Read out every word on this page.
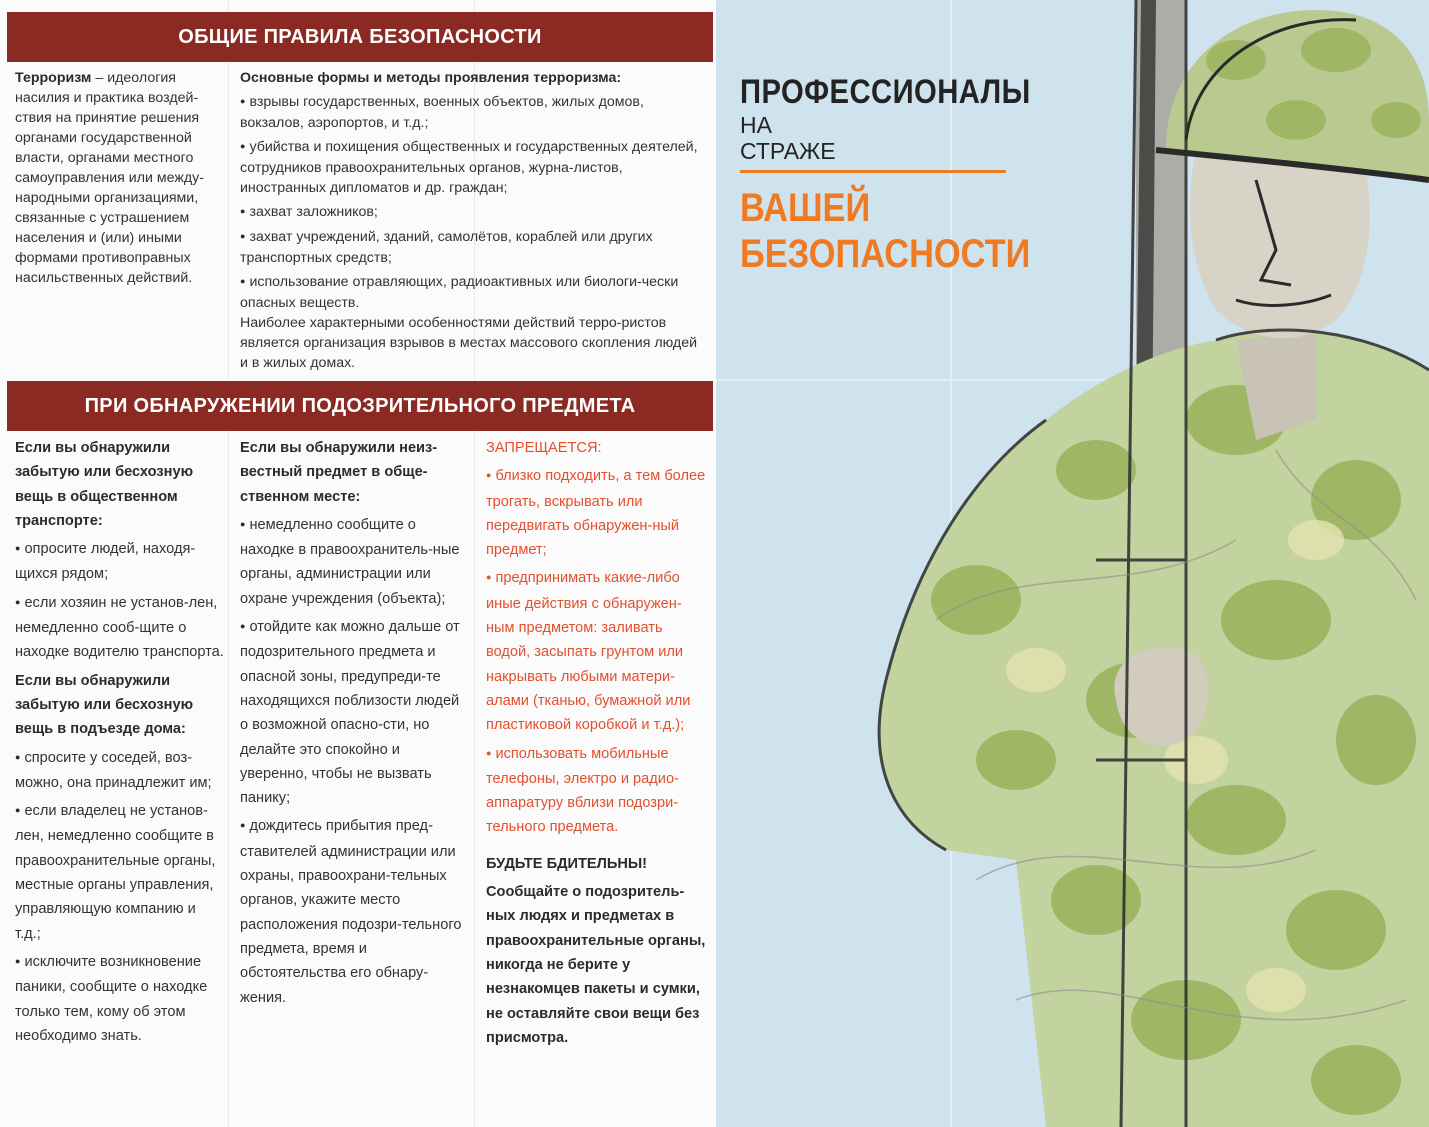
ОБЩИЕ ПРАВИЛА БЕЗОПАСНОСТИ

Терроризм – идеология насилия и практика воздей-ствия на принятие решения органами государственной власти, органами местного самоуправления или между-народными организациями, связанные с устрашением населения и (или) иными формами противоправных насильственных действий.

Основные формы и методы проявления терроризма:

● взрывы государственных, военных объектов, жилых домов, вокзалов, аэропортов, и т.д.;

● убийства и похищения общественных и государственных деятелей, сотрудников правоохранительных органов, журна-листов, иностранных дипломатов и др. граждан;

● захват заложников;

● захват учреждений, зданий, самолётов, кораблей или других транспортных средств;

● использование отравляющих, радиоактивных или биологи-чески опасных веществ.

Наиболее характерными особенностями действий терро-ристов является организация взрывов в местах массового скопления людей и в жилых домах.

ПРИ ОБНАРУЖЕНИИ ПОДОЗРИТЕЛЬНОГО ПРЕДМЕТА

Если вы обнаружили забытую или бесхозную вещь в общественном транспорте:

● опросите людей, находя-щихся рядом;

● если хозяин не установ-лен, немедленно сооб-щите о находке водителю транспорта.

Если вы обнаружили забытую или бесхозную вещь в подъезде дома:

● спросите у соседей, воз-можно, она принадлежит им;

● если владелец не установ-лен, немедленно сообщите в правоохранительные органы, местные органы управления, управляющую компанию и т.д.;

● исключите возникновение паники, сообщите о находке только тем, кому об этом необходимо знать.

Если вы обнаружили неиз-вестный предмет в обще-ственном месте:

● немедленно сообщите о находке в правоохранитель-ные органы, администрации или охране учреждения (объекта);

● отойдите как можно дальше от подозрительного предмета и опасной зоны, предупреди-те находящихся поблизости людей о возможной опасно-сти, но делайте это спокойно и уверенно, чтобы не вызвать панику;

● дождитесь прибытия пред-ставителей администрации или охраны, правоохрани-тельных органов, укажите место расположения подозри-тельного предмета, время и обстоятельства его обнару-жения.

ЗАПРЕЩАЕТСЯ:

● близко подходить, а тем более трогать, вскрывать или передвигать обнаружен-ный предмет;

● предпринимать какие-либо иные действия с обнаружен-ным предметом: заливать водой, засыпать грунтом или накрывать любыми матери-алами (тканью, бумажной или пластиковой коробкой и т.д.);

● использовать мобильные телефоны, электро и радио-аппаратуру вблизи подозри-тельного предмета.

БУДЬТЕ БДИТЕЛЬНЫ!

Сообщайте о подозритель-ных людях и предметах в правоохранительные органы, никогда не берите у незнакомцев пакеты и сумки, не оставляйте свои вещи без присмотра.

ПРОФЕССИОНАЛЫ
НА
СТРАЖЕ
ВАШЕЙ
БЕЗОПАСНОСТИ
